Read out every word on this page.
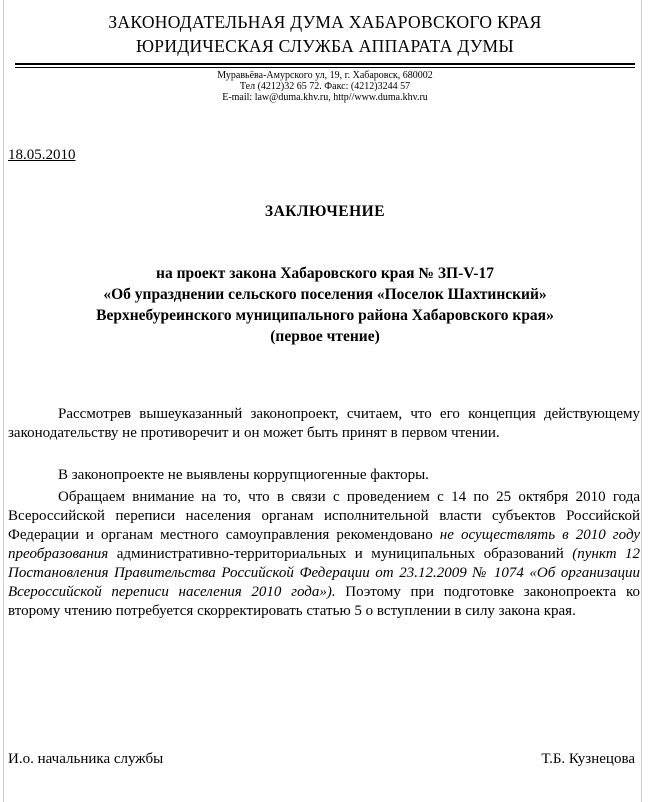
ЗАКОНОДАТЕЛЬНАЯ ДУМА ХАБАРОВСКОГО КРАЯ
ЮРИДИЧЕСКАЯ СЛУЖБА АППАРАТА ДУМЫ
Муравьёва-Амурского ул, 19, г. Хабаровск, 680002
Тел (4212)32 65 72. Факс: (4212)3244 57
E-mail: law@duma.khv.ru, http//www.duma.khv.ru
18.05.2010
ЗАКЛЮЧЕНИЕ
на проект закона Хабаровского края № ЗП-V-17
«Об упразднении сельского поселения «Поселок Шахтинский»
Верхнебуреинского муниципального района Хабаровского края»
(первое чтение)
Рассмотрев вышеуказанный законопроект, считаем, что его концепция действующему законодательству не противоречит и он может быть принят в первом чтении.
В законопроекте не выявлены коррупциогенные факторы.
Обращаем внимание на то, что в связи с проведением с 14 по 25 октября 2010 года Всероссийской переписи населения органам исполнительной власти субъектов Российской Федерации и органам местного самоуправления рекомендовано не осуществлять в 2010 году преобразования административно-территориальных и муниципальных образований (пункт 12 Постановления Правительства Российской Федерации от 23.12.2009 № 1074 «Об организации Всероссийской переписи населения 2010 года»). Поэтому при подготовке законопроекта ко второму чтению потребуется скорректировать статью 5 о вступлении в силу закона края.
И.о. начальника службы	Т.Б. Кузнецова
